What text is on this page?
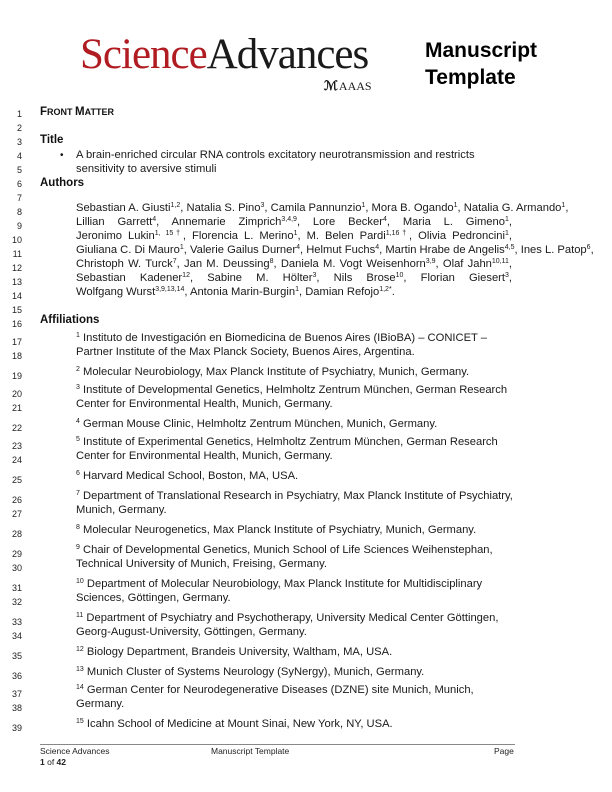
ScienceAdvances
ℳAAAS
Manuscript
Template
1
2
3
4
5
6
7
8
9
10
11
12
13
14
15
16
17
18
19
20
21
22
23
24
25
26
27
28
29
30
31
32
33
34
35
36
37
38
39
FRONT MATTER
Title
• A brain-enriched circular RNA controls excitatory neurotransmission and restricts
sensitivity to aversive stimuli
Authors
Sebastian A. Giusti$^{1,2}$, Natalia S. Pino$^3$, Camila Pannunzio$^1$, Mora B. Ogando$^1$, Natalia G. Armando$^1$,
Lillian Garrett$^4$, Annemarie Zimprich$^{3,4,9}$, Lore Becker$^4$, Maria L. Gimeno$^1$,
Jeronimo Lukin$^{1, 15\dagger}$, Florencia L. Merino$^1$, M. Belen Pardi$^{1,16\dagger}$, Olivia Pedroncini$^1$,
Giuliana C. Di Mauro$^1$, Valerie Gailus Durner$^4$, Helmut Fuchs$^4$, Martin Hrabe de Angelis$^{4,5}$, Ines L. Patop$^6$,
Christoph W. Turck$^7$, Jan M. Deussing$^8$, Daniela M. Vogt Weisenhorn$^{3,9}$, Olaf Jahn$^{10,11}$,
Sebastian Kadener$^{12}$, Sabine M. Hölter$^3$, Nils Brose$^{10}$, Florian Giesert$^3$,
Wolfgang Wurst$^{3,9,13,14}$, Antonia Marin-Burgin$^1$, Damian Refojo$^{1,2*}$.
Affiliations
$^1$ Instituto de Investigación en Biomedicina de Buenos Aires (IBioBA) – CONICET –
Partner Institute of the Max Planck Society, Buenos Aires, Argentina.
$^2$ Molecular Neurobiology, Max Planck Institute of Psychiatry, Munich, Germany.
$^3$ Institute of Developmental Genetics, Helmholtz Zentrum München, German Research
Center for Environmental Health, Munich, Germany.
$^4$ German Mouse Clinic, Helmholtz Zentrum München, Munich, Germany.
$^5$ Institute of Experimental Genetics, Helmholtz Zentrum München, German Research
Center for Environmental Health, Munich, Germany.
$^6$ Harvard Medical School, Boston, MA, USA.
$^7$ Department of Translational Research in Psychiatry, Max Planck Institute of Psychiatry,
Munich, Germany.
$^8$ Molecular Neurogenetics, Max Planck Institute of Psychiatry, Munich, Germany.
$^9$ Chair of Developmental Genetics, Munich School of Life Sciences Weihenstephan,
Technical University of Munich, Freising, Germany.
$^{10}$ Department of Molecular Neurobiology, Max Planck Institute for Multidisciplinary
Sciences, Göttingen, Germany.
$^{11}$ Department of Psychiatry and Psychotherapy, University Medical Center Göttingen,
Georg-August-University, Göttingen, Germany.
$^{12}$ Biology Department, Brandeis University, Waltham, MA, USA.
$^{13}$ Munich Cluster of Systems Neurology (SyNergy), Munich, Germany.
$^{14}$ German Center for Neurodegenerative Diseases (DZNE) site Munich, Munich,
Germany.
$^{15}$ Icahn School of Medicine at Mount Sinai, New York, NY, USA.
Science Advances	Manuscript Template	Page
1 of 42
